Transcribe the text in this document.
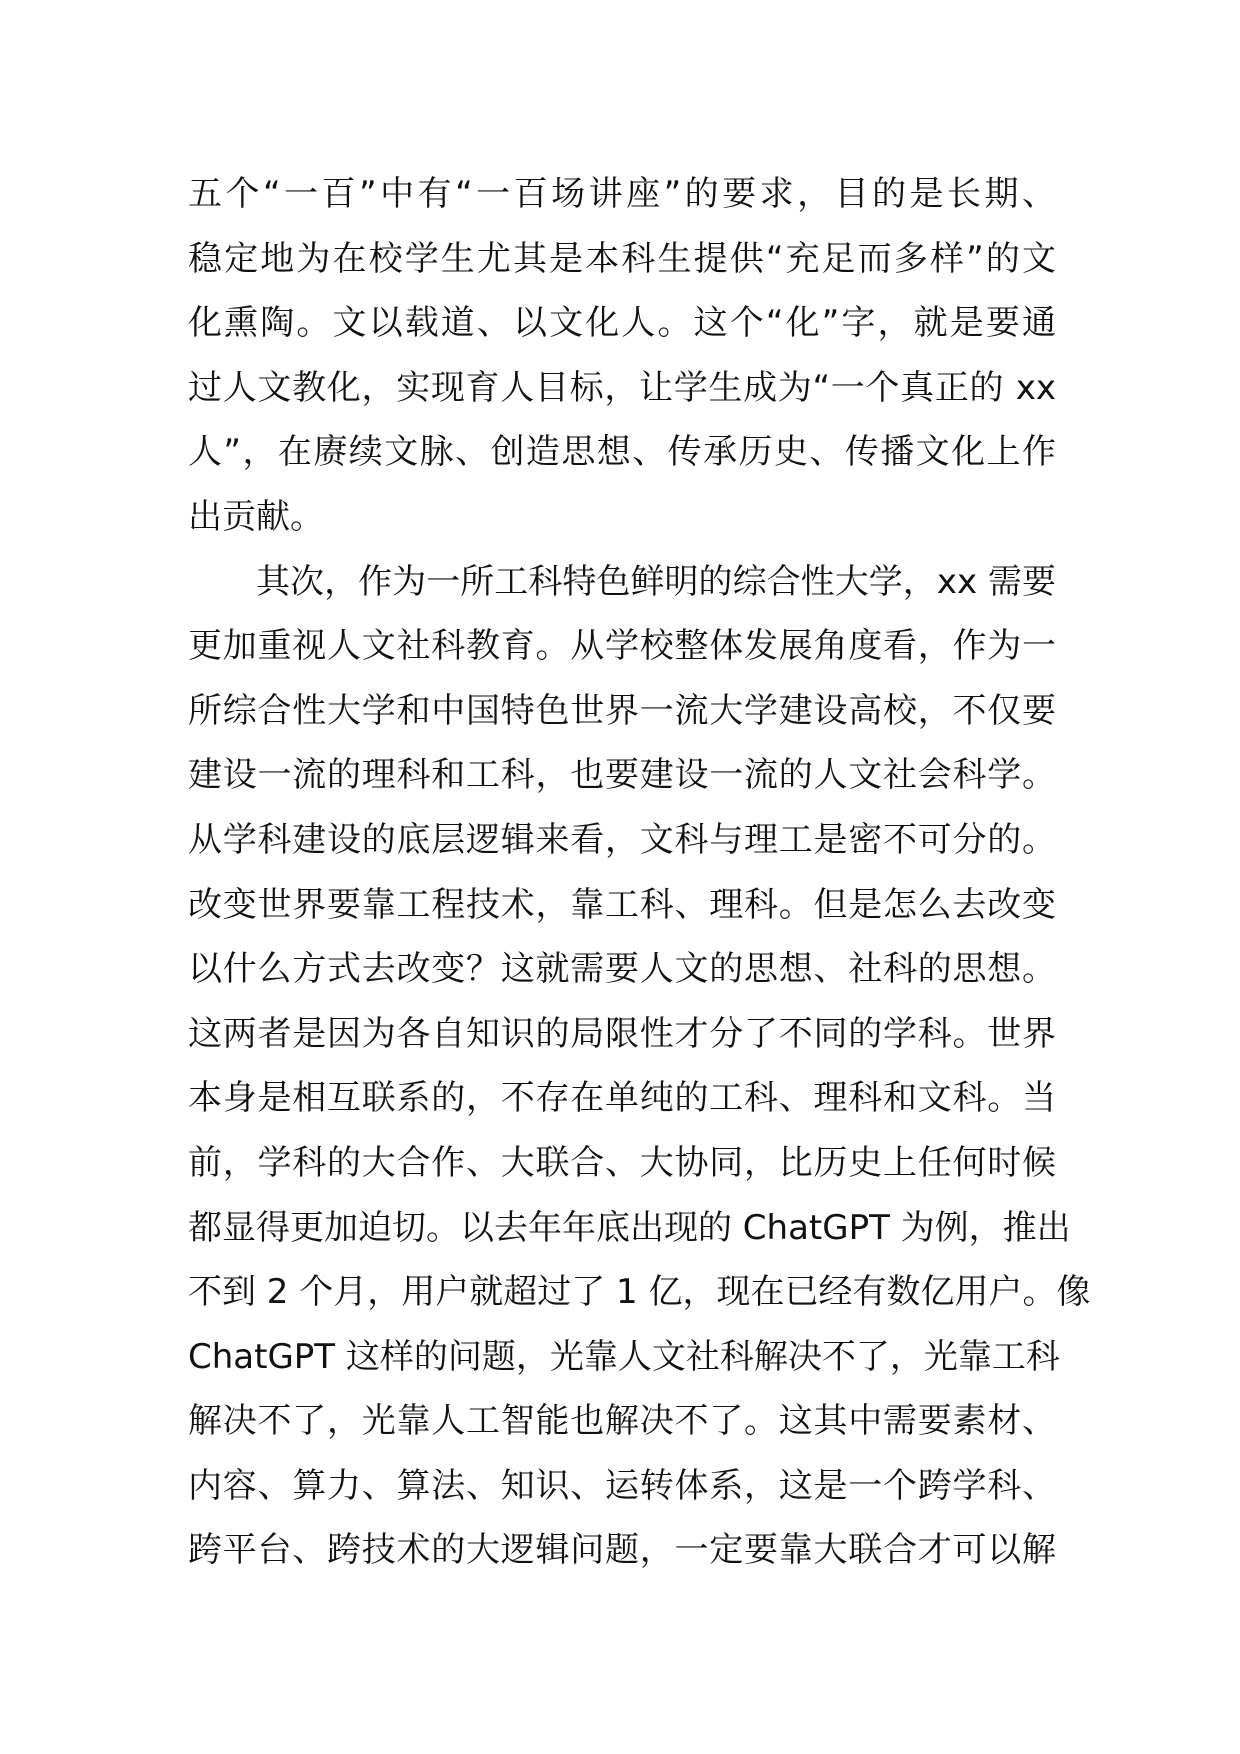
五个“一百”中有“一百场讲座”的要求，目的是长期、
稳定地为在校学生尤其是本科生提供“充足而多样”的文
化熏陶。文以载道、以文化人。这个“化”字，就是要通
过人文教化，实现育人目标，让学生成为“一个真正的 xx
人”，在赓续文脉、创造思想、传承历史、传播文化上作
出贡献。
其次，作为一所工科特色鲜明的综合性大学，xx 需要
更加重视人文社科教育。从学校整体发展角度看，作为一
所综合性大学和中国特色世界一流大学建设高校，不仅要
建设一流的理科和工科，也要建设一流的人文社会科学。
从学科建设的底层逻辑来看，文科与理工是密不可分的。
改变世界要靠工程技术，靠工科、理科。但是怎么去改变
以什么方式去改变？这就需要人文的思想、社科的思想。
这两者是因为各自知识的局限性才分了不同的学科。世界
本身是相互联系的，不存在单纯的工科、理科和文科。当
前，学科的大合作、大联合、大协同，比历史上任何时候
都显得更加迫切。以去年年底出现的 ChatGPT 为例，推出
不到 2 个月，用户就超过了 1 亿，现在已经有数亿用户。像
ChatGPT 这样的问题，光靠人文社科解决不了，光靠工科
解决不了，光靠人工智能也解决不了。这其中需要素材、
内容、算力、算法、知识、运转体系，这是一个跨学科、
跨平台、跨技术的大逻辑问题，一定要靠大联合才可以解
